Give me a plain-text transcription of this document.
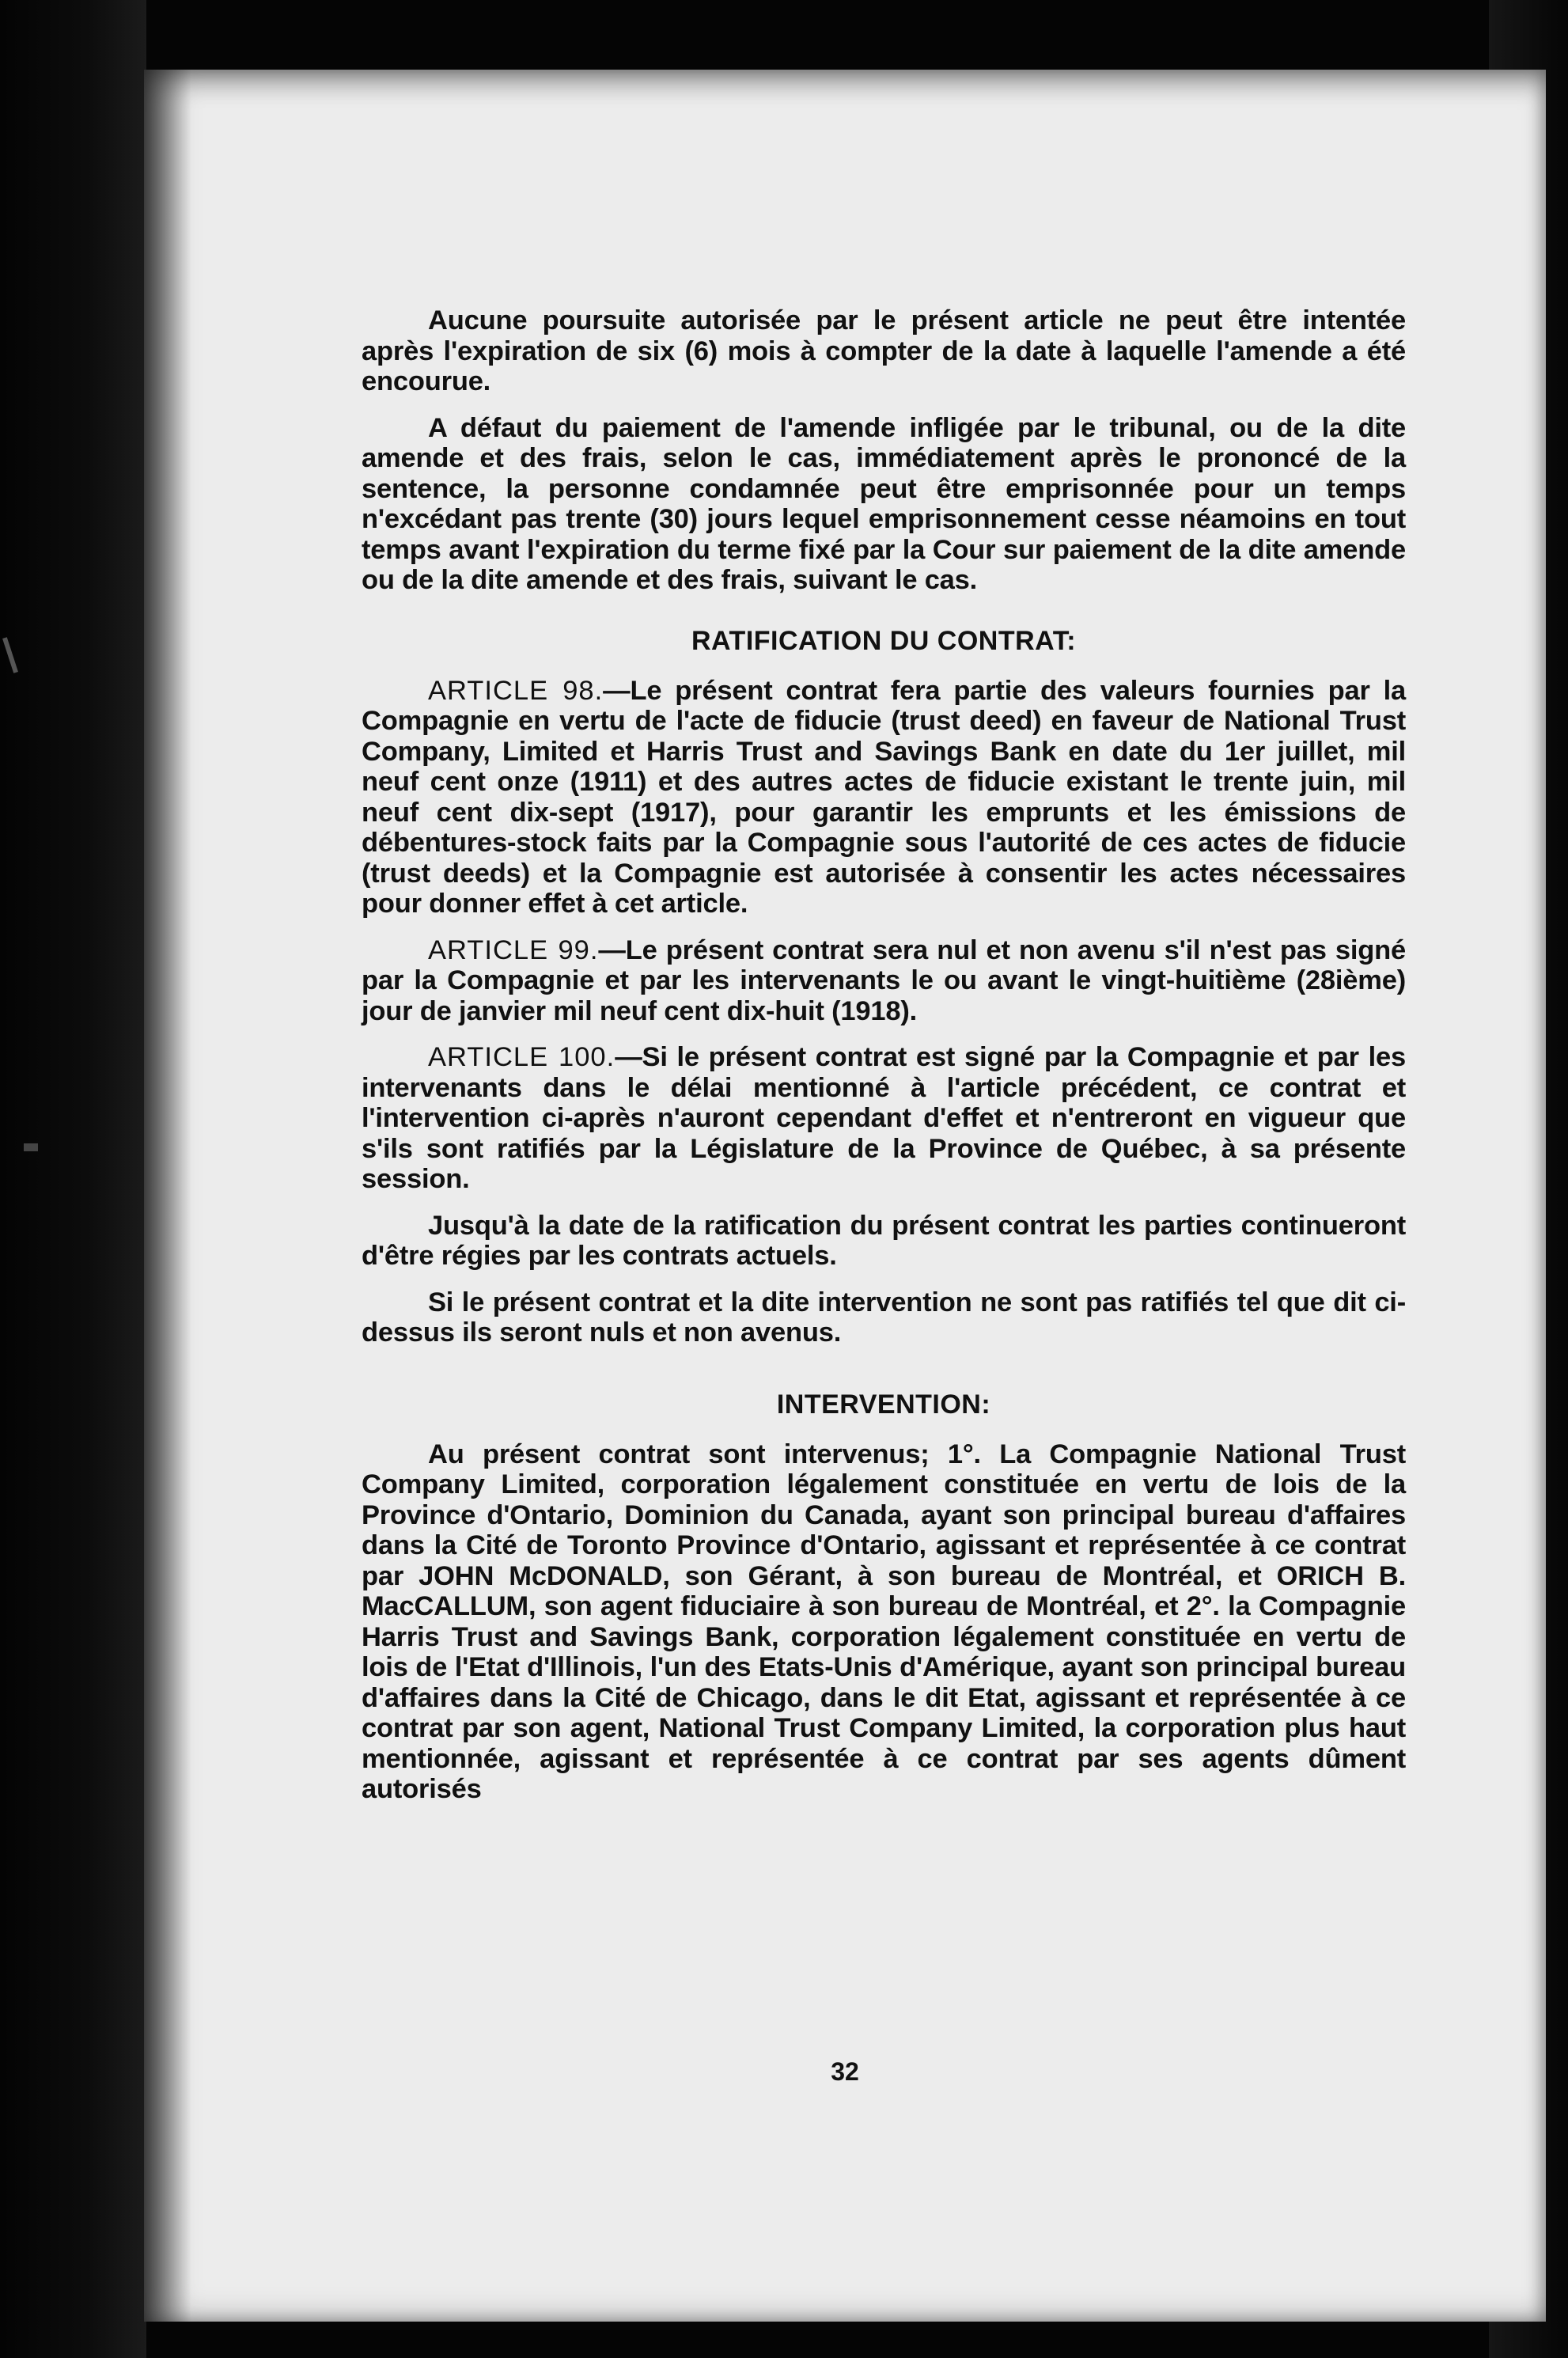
Aucune poursuite autorisée par le présent article ne peut être intentée après l'expiration de six (6) mois à compter de la date à laquelle l'amende a été encourue.

A défaut du paiement de l'amende infligée par le tribunal, ou de la dite amende et des frais, selon le cas, immédiatement après le prononcé de la sentence, la personne condamnée peut être emprisonnée pour un temps n'excédant pas trente (30) jours lequel emprisonnement cesse néamoins en tout temps avant l'expiration du terme fixé par la Cour sur paiement de la dite amende ou de la dite amende et des frais, suivant le cas.

RATIFICATION DU CONTRAT:

ARTICLE 98.—Le présent contrat fera partie des valeurs fournies par la Compagnie en vertu de l'acte de fiducie (trust deed) en faveur de National Trust Company, Limited et Harris Trust and Savings Bank en date du 1er juillet, mil neuf cent onze (1911) et des autres actes de fiducie existant le trente juin, mil neuf cent dix-sept (1917), pour garantir les emprunts et les émissions de débentures-stock faits par la Compagnie sous l'autorité de ces actes de fiducie (trust deeds) et la Compagnie est autorisée à consentir les actes nécessaires pour donner effet à cet article.

ARTICLE 99.—Le présent contrat sera nul et non avenu s'il n'est pas signé par la Compagnie et par les intervenants le ou avant le vingt-huitième (28ième) jour de janvier mil neuf cent dix-huit (1918).

ARTICLE 100.—Si le présent contrat est signé par la Compagnie et par les intervenants dans le délai mentionné à l'article précédent, ce contrat et l'intervention ci-après n'auront cependant d'effet et n'entreront en vigueur que s'ils sont ratifiés par la Législature de la Province de Québec, à sa présente session.

Jusqu'à la date de la ratification du présent contrat les parties continueront d'être régies par les contrats actuels.

Si le présent contrat et la dite intervention ne sont pas ratifiés tel que dit ci-dessus ils seront nuls et non avenus.

INTERVENTION:

Au présent contrat sont intervenus; 1°. La Compagnie National Trust Company Limited, corporation légalement constituée en vertu de lois de la Province d'Ontario, Dominion du Canada, ayant son principal bureau d'affaires dans la Cité de Toronto Province d'Ontario, agissant et représentée à ce contrat par JOHN McDONALD, son Gérant, à son bureau de Montréal, et ORICH B. MacCALLUM, son agent fiduciaire à son bureau de Montréal, et 2°. la Compagnie Harris Trust and Savings Bank, corporation légalement constituée en vertu de lois de l'Etat d'Illinois, l'un des Etats-Unis d'Amérique, ayant son principal bureau d'affaires dans la Cité de Chicago, dans le dit Etat, agissant et représentée à ce contrat par son agent, National Trust Company Limited, la corporation plus haut mentionnée, agissant et représentée à ce contrat par ses agents dûment autorisés

32
